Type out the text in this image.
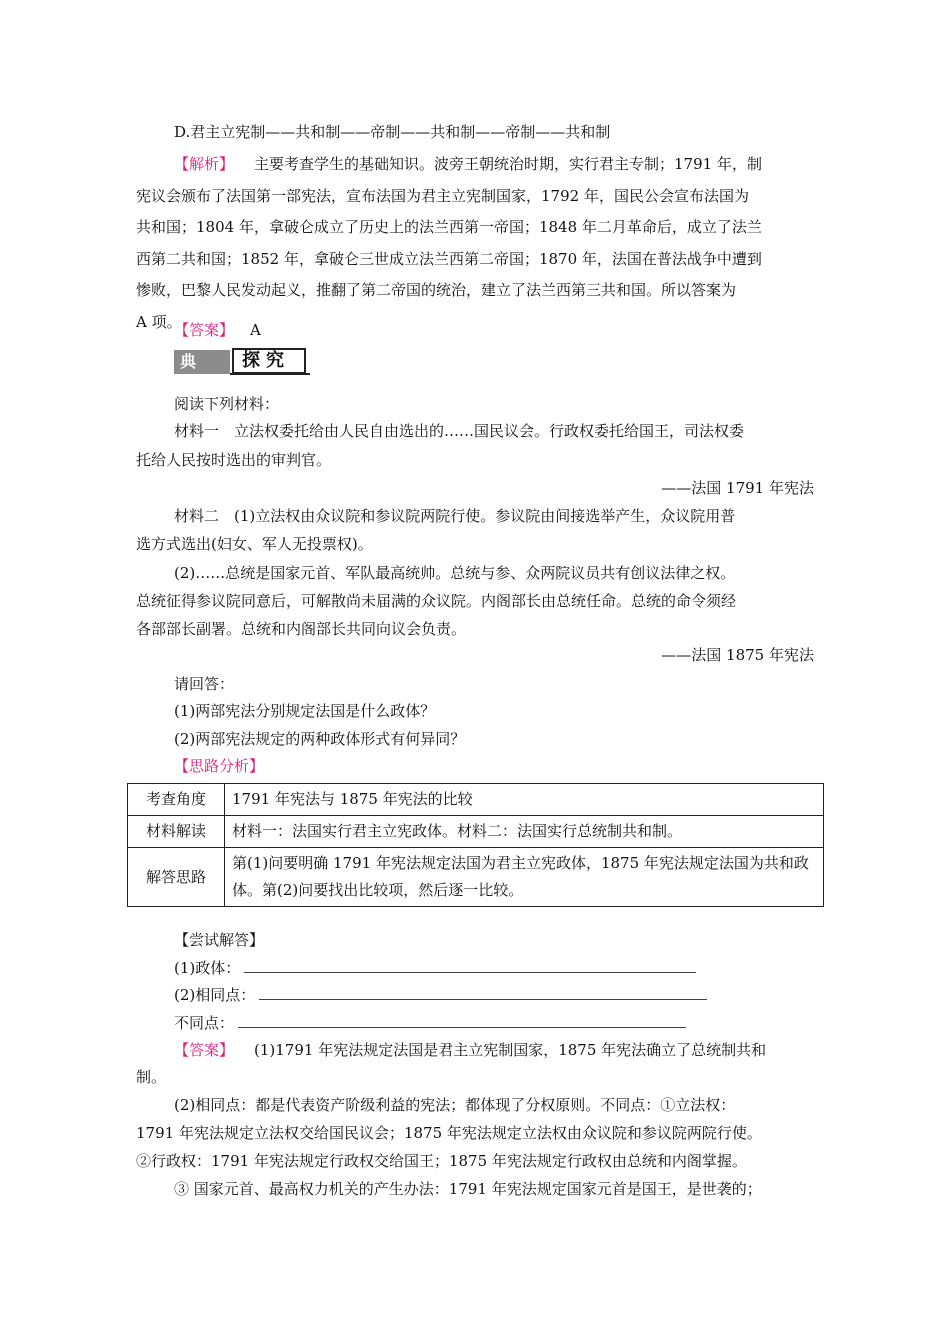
D.君主立宪制——共和制——帝制——共和制——帝制——共和制
【解析】 主要考查学生的基础知识。波旁王朝统治时期，实行君主专制；1791 年，制
宪议会颁布了法国第一部宪法，宣布法国为君主立宪制国家，1792 年，国民公会宣布法国为
共和国；1804 年，拿破仑成立了历史上的法兰西第一帝国；1848 年二月革命后，成立了法兰
西第二共和国；1852 年，拿破仑三世成立法兰西第二帝国；1870 年，法国在普法战争中遭到
惨败，巴黎人民发动起义，推翻了第二帝国的统治，建立了法兰西第三共和国。所以答案为
A 项。
【答案】 A
典 例
探究
阅读下列材料：
材料一　立法权委托给由人民自由选出的……国民议会。行政权委托给国王，司法权委
托给人民按时选出的审判官。
——法国 1791 年宪法
材料二　(1)立法权由众议院和参议院两院行使。参议院由间接选举产生，众议院用普
选方式选出(妇女、军人无投票权)。
(2)……总统是国家元首、军队最高统帅。总统与参、众两院议员共有创议法律之权。
总统征得参议院同意后，可解散尚未届满的众议院。内阁部长由总统任命。总统的命令须经
各部部长副署。总统和内阁部长共同向议会负责。
——法国 1875 年宪法
请回答：
(1)两部宪法分别规定法国是什么政体？
(2)两部宪法规定的两种政体形式有何异同？
【思路分析】
考查角度	1791 年宪法与 1875 年宪法的比较
材料解读	材料一：法国实行君主立宪政体。材料二：法国实行总统制共和制。
解答思路	第(1)问要明确 1791 年宪法规定法国为君主立宪政体，1875 年宪法规定法国为共和政体。第(2)问要找出比较项，然后逐一比较。
【尝试解答】
(1)政体：
(2)相同点：
不同点：
【答案】 (1)1791 年宪法规定法国是君主立宪制国家，1875 年宪法确立了总统制共和
制。
(2)相同点：都是代表资产阶级利益的宪法；都体现了分权原则。不同点：①立法权：
1791 年宪法规定立法权交给国民议会；1875 年宪法规定立法权由众议院和参议院两院行使。
②行政权：1791 年宪法规定行政权交给国王；1875 年宪法规定行政权由总统和内阁掌握。
③ 国家元首、最高权力机关的产生办法：1791 年宪法规定国家元首是国王，是世袭的；
